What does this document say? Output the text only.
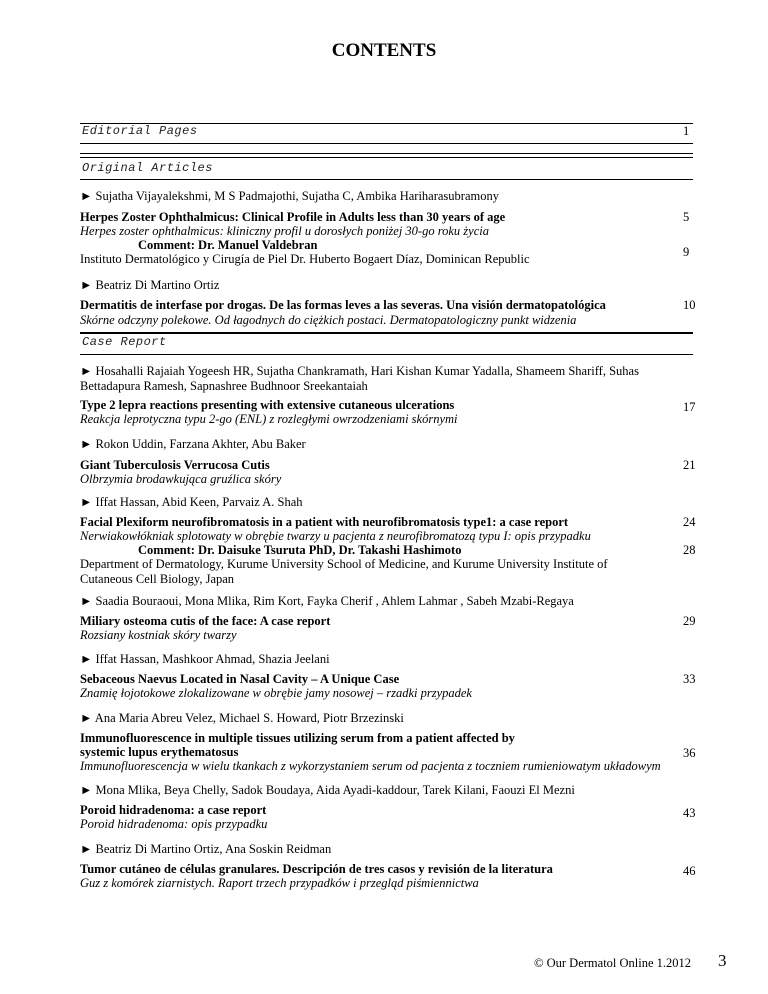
CONTENTS
Editorial Pages	1
Original Articles
► Sujatha Vijayalekshmi, M S Padmajothi, Sujatha C, Ambika Hariharasubramony
Herpes Zoster Ophthalmicus: Clinical Profile in Adults less than 30 years of age	5
Herpes zoster ophthalmicus: kliniczny profil u dorosłych poniżej 30-go roku życia
Comment: Dr. Manuel Valdebran	9
Instituto Dermatológico y Cirugía de Piel Dr. Huberto Bogaert Díaz, Dominican Republic
► Beatriz Di Martino Ortiz
Dermatitis de interfase por drogas. De las formas leves a las severas. Una visión dermatopatológica	10
Skórne odczyny polekowe. Od łagodnych do ciężkich postaci. Dermatopatologiczny punkt widzenia
Case Report
► Hosahalli Rajaiah Yogeesh HR, Sujatha Chankramath, Hari Kishan Kumar Yadalla, Shameem Shariff, Suhas Bettadapura Ramesh, Sapnashree Budhnoor Sreekantaiah
Type 2 lepra reactions presenting with extensive cutaneous ulcerations	17
Reakcja leprotyczna typu 2-go (ENL) z rozległymi owrzodzeniami skórnymi
► Rokon Uddin, Farzana Akhter, Abu Baker
Giant Tuberculosis Verrucosa Cutis	21
Olbrzymia brodawkująca gruźlica skóry
► Iffat Hassan, Abid Keen, Parvaiz A. Shah
Facial Plexiform neurofibromatosis in a patient with neurofibromatosis type1: a case report	24
Nerwiakowłókniak splotowaty w obrębie twarzy u pacjenta z neurofibromatozą typu I: opis przypadku
Comment: Dr. Daisuke Tsuruta PhD, Dr. Takashi Hashimoto	28
Department of Dermatology, Kurume University School of Medicine, and Kurume University Institute of Cutaneous Cell Biology, Japan
► Saadia Bouraoui, Mona Mlika, Rim Kort, Fayka Cherif , Ahlem Lahmar , Sabeh Mzabi-Regaya
Miliary osteoma cutis of the face: A case report	29
Rozsiany kostniak skóry twarzy
► Iffat Hassan, Mashkoor Ahmad, Shazia Jeelani
Sebaceous Naevus Located in Nasal Cavity – A Unique Case	33
Znamię łojotokowe zlokalizowane w obrębie jamy nosowej – rzadki przypadek
► Ana Maria Abreu Velez, Michael S. Howard, Piotr Brzezinski
Immunofluorescence in multiple tissues utilizing serum from a patient affected by
systemic lupus erythematosus	36
Immunofluorescencja w wielu tkankach z wykorzystaniem serum od pacjenta z toczniem rumieniowatym układowym
► Mona Mlika, Beya Chelly, Sadok Boudaya, Aida Ayadi-kaddour, Tarek Kilani, Faouzi El Mezni
Poroid hidradenoma: a case report	43
Poroid hidradenoma: opis przypadku
► Beatriz Di Martino Ortiz, Ana Soskin Reidman
Tumor cutáneo de células granulares. Descripción de tres casos y revisión de la literatura	46
Guz z komórek ziarnistych. Raport trzech przypadków i przegląd piśmiennictwa
© Our Dermatol Online 1.2012 3
